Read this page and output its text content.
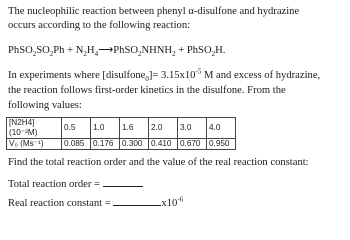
The nucleophilic reaction between phenyl α-disulfone and hydrazine
occurs according to the following reaction:
$PhSO_2SO_2Ph$ + $N_2H_4⟶PhSO_2NHNH_2$ + PhSO$_2$H.
In experiments where [disulfone$_0$]= $3.15x10^{-5}$ M and excess of hydrazine,
the reaction follows first-order kinetics in the disulfone. From the
following values:
[N2H4](10⁻²M)	0.5	1.0	1.6	2.0	3.0	4.0
V₀ (Ms⁻¹)	0.085	0.176	0.300	0.410	0.670	0.950
Find the total reaction order and the value of the real reaction constant:
Total reaction order =
Real reaction constant =	$x10^{-6}$
